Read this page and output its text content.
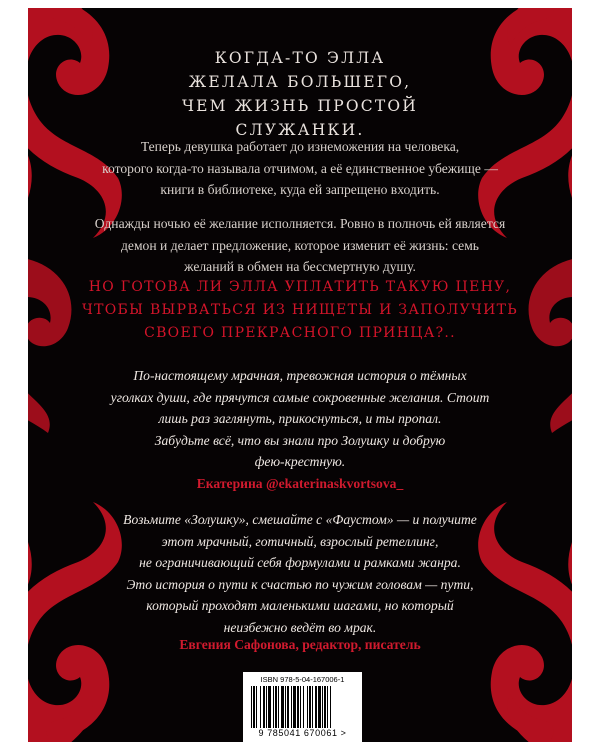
КОГДА-ТО ЭЛЛА
ЖЕЛАЛА БОЛЬШЕГО,
ЧЕМ ЖИЗНЬ ПРОСТОЙ
СЛУЖАНКИ.
Теперь девушка работает до изнеможения на человека,
которого когда-то называла отчимом, а её единственное убежище —
книги в библиотеке, куда ей запрещено входить.
Однажды ночью её желание исполняется. Ровно в полночь ей является
демон и делает предложение, которое изменит её жизнь: семь
желаний в обмен на бессмертную душу.
НО ГОТОВА ЛИ ЭЛЛА УПЛАТИТЬ ТАКУЮ ЦЕНУ,
ЧТОБЫ ВЫРВАТЬСЯ ИЗ НИЩЕТЫ И ЗАПОЛУЧИТЬ
СВОЕГО ПРЕКРАСНОГО ПРИНЦА?..
По-настоящему мрачная, тревожная история о тёмных
уголках души, где прячутся самые сокровенные желания. Стоит
лишь раз заглянуть, прикоснуться, и ты пропал.
Забудьте всё, что вы знали про Золушку и добрую
фею-крестную.
Екатерина @ekaterinaskvortsova_
Возьмите «Золушку», смешайте с «Фаустом» — и получите
этот мрачный, готичный, взрослый ретеллинг,
не ограничивающий себя формулами и рамками жанра.
Это история о пути к счастью по чужим головам — пути,
который проходят маленькими шагами, но который
неизбежно ведёт во мрак.
Евгения Сафонова, редактор, писатель
ISBN 978-5-04-167006-1
9 785041 670061 >
